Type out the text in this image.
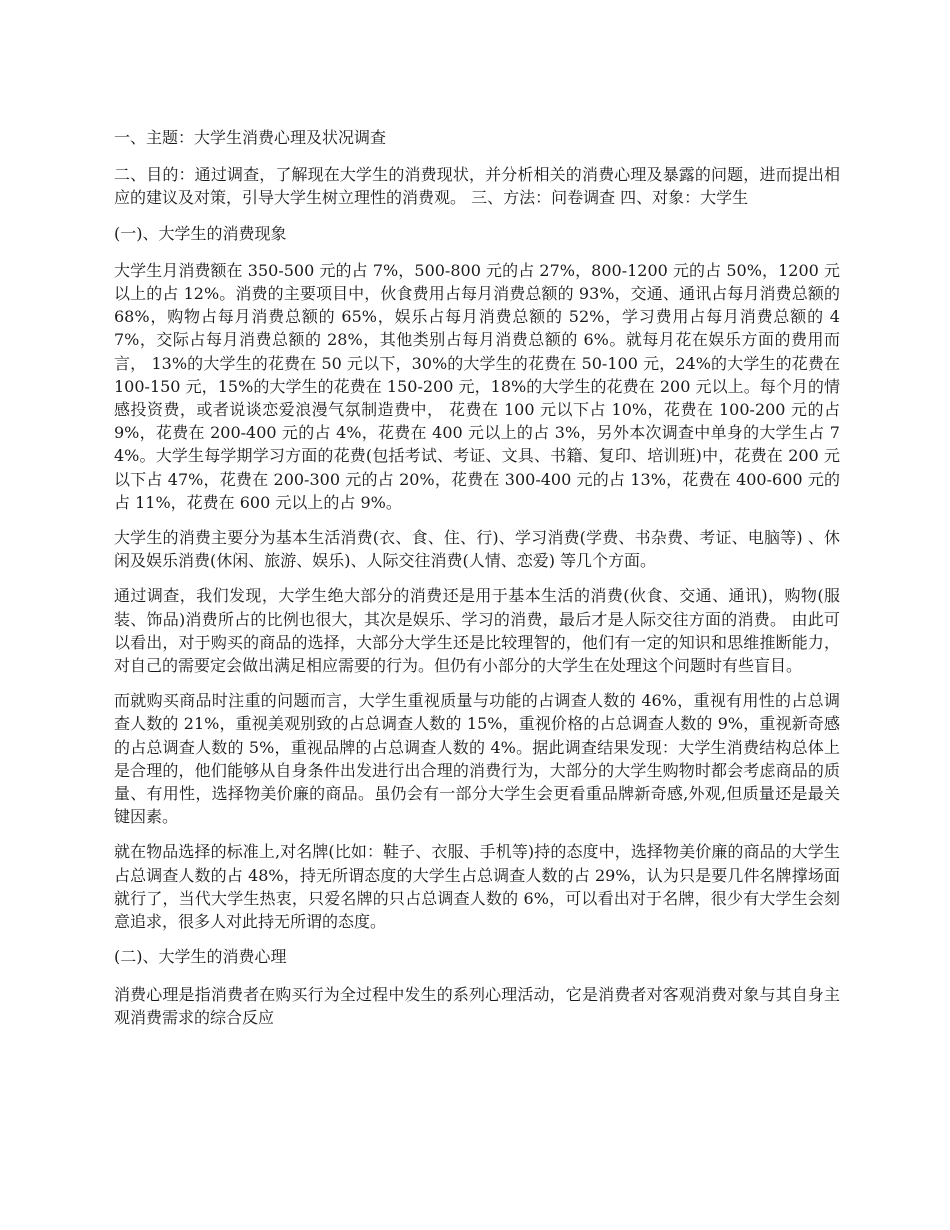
一、主题：大学生消费心理及状况调查

二、目的：通过调查，了解现在大学生的消费现状，并分析相关的消费心理及暴露的问题，进而提出相应的建议及对策，引导大学生树立理性的消费观。 三、方法：问卷调查 四、对象：大学生

(一)、大学生的消费现象

大学生月消费额在 350-500 元的占 7%，500-800 元的占 27%，800-1200 元的占 50%，1200 元以上的占 12%。消费的主要项目中，伙食费用占每月消费总额的 93%，交通、通讯占每月消费总额的 68%，购物占每月消费总额的 65%，娱乐占每月消费总额的 52%，学习费用占每月消费总额的 47%，交际占每月消费总额的 28%，其他类别占每月消费总额的 6%。就每月花在娱乐方面的费用而言， 13%的大学生的花费在 50 元以下，30%的大学生的花费在 50-100 元，24%的大学生的花费在 100-150 元，15%的大学生的花费在 150-200 元，18%的大学生的花费在 200 元以上。每个月的情感投资费，或者说谈恋爱浪漫气氛制造费中， 花费在 100 元以下占 10%，花费在 100-200 元的占 9%，花费在 200-400 元的占 4%，花费在 400 元以上的占 3%，另外本次调查中单身的大学生占 74%。大学生每学期学习方面的花费(包括考试、考证、文具、书籍、复印、培训班)中，花费在 200 元以下占 47%，花费在 200-300 元的占 20%，花费在 300-400 元的占 13%，花费在 400-600 元的占 11%，花费在 600 元以上的占 9%。

大学生的消费主要分为基本生活消费(衣、食、住、行)、学习消费(学费、书杂费、考证、电脑等) 、休闲及娱乐消费(休闲、旅游、娱乐)、人际交往消费(人情、恋爱) 等几个方面。

通过调查，我们发现，大学生绝大部分的消费还是用于基本生活的消费(伙食、交通、通讯)，购物(服装、饰品)消费所占的比例也很大，其次是娱乐、学习的消费，最后才是人际交往方面的消费。 由此可以看出，对于购买的商品的选择，大部分大学生还是比较理智的，他们有一定的知识和思维推断能力，对自己的需要定会做出满足相应需要的行为。但仍有小部分的大学生在处理这个问题时有些盲目。

而就购买商品时注重的问题而言，大学生重视质量与功能的占调查人数的 46%，重视有用性的占总调查人数的 21%，重视美观别致的占总调查人数的 15%，重视价格的占总调查人数的 9%，重视新奇感的占总调查人数的 5%，重视品牌的占总调查人数的 4%。据此调查结果发现：大学生消费结构总体上是合理的，他们能够从自身条件出发进行出合理的消费行为，大部分的大学生购物时都会考虑商品的质量、有用性，选择物美价廉的商品。虽仍会有一部分大学生会更看重品牌新奇感,外观,但质量还是最关键因素。

就在物品选择的标准上,对名牌(比如：鞋子、衣服、手机等)持的态度中，选择物美价廉的商品的大学生占总调查人数的占 48%，持无所谓态度的大学生占总调查人数的占 29%，认为只是要几件名牌撑场面就行了，当代大学生热衷，只爱名牌的只占总调查人数的 6%，可以看出对于名牌，很少有大学生会刻意追求，很多人对此持无所谓的态度。

(二)、大学生的消费心理

消费心理是指消费者在购买行为全过程中发生的系列心理活动，它是消费者对客观消费对象与其自身主观消费需求的综合反应
